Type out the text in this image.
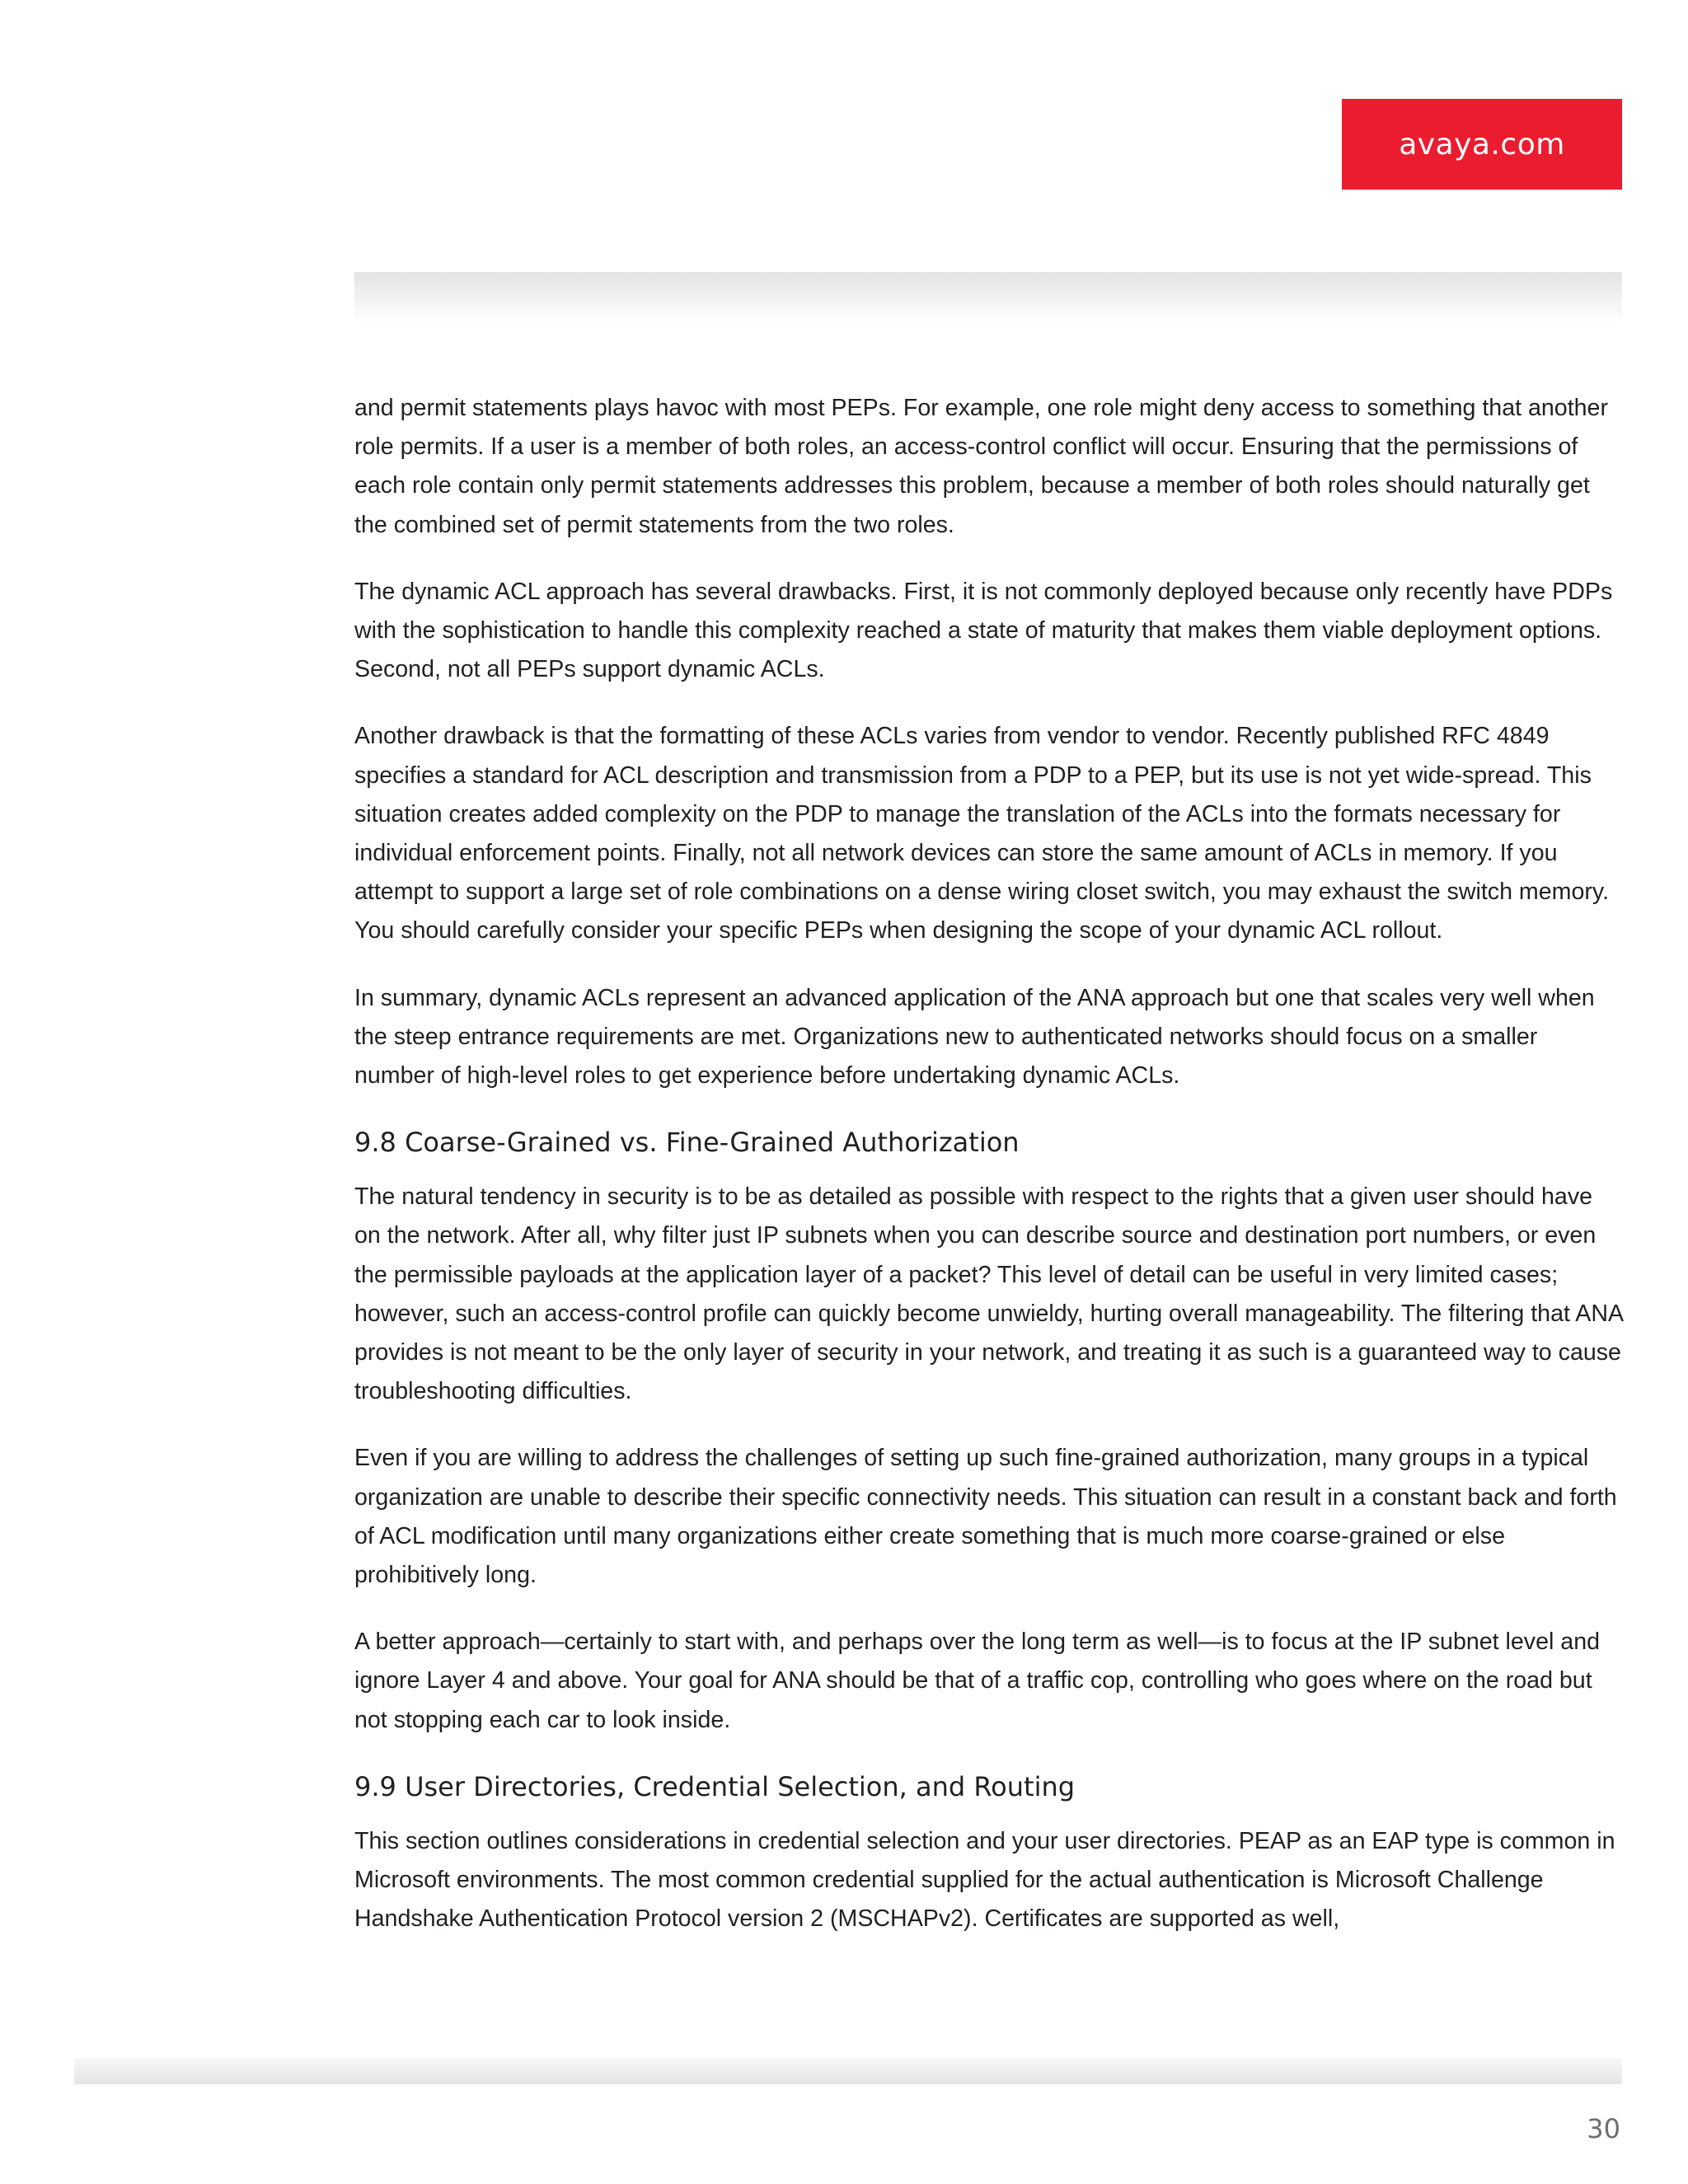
avaya.com

and permit statements plays havoc with most PEPs. For example, one role might deny access to something that another role permits. If a user is a member of both roles, an access-control conflict will occur. Ensuring that the permissions of each role contain only permit statements addresses this problem, because a member of both roles should naturally get the combined set of permit statements from the two roles.

The dynamic ACL approach has several drawbacks. First, it is not commonly deployed because only recently have PDPs with the sophistication to handle this complexity reached a state of maturity that makes them viable deployment options. Second, not all PEPs support dynamic ACLs.

Another drawback is that the formatting of these ACLs varies from vendor to vendor. Recently published RFC 4849 specifies a standard for ACL description and transmission from a PDP to a PEP, but its use is not yet wide-spread. This situation creates added complexity on the PDP to manage the translation of the ACLs into the formats necessary for individual enforcement points. Finally, not all network devices can store the same amount of ACLs in memory. If you attempt to support a large set of role combinations on a dense wiring closet switch, you may exhaust the switch memory. You should carefully consider your specific PEPs when designing the scope of your dynamic ACL rollout.

In summary, dynamic ACLs represent an advanced application of the ANA approach but one that scales very well when the steep entrance requirements are met. Organizations new to authenticated networks should focus on a smaller number of high-level roles to get experience before undertaking dynamic ACLs.

9.8 Coarse-Grained vs. Fine-Grained Authorization

The natural tendency in security is to be as detailed as possible with respect to the rights that a given user should have on the network. After all, why filter just IP subnets when you can describe source and destination port numbers, or even the permissible payloads at the application layer of a packet? This level of detail can be useful in very limited cases; however, such an access-control profile can quickly become unwieldy, hurting overall manageability. The filtering that ANA provides is not meant to be the only layer of security in your network, and treating it as such is a guaranteed way to cause troubleshooting difficulties.

Even if you are willing to address the challenges of setting up such fine-grained authorization, many groups in a typical organization are unable to describe their specific connectivity needs. This situation can result in a constant back and forth of ACL modification until many organizations either create something that is much more coarse-grained or else prohibitively long.

A better approach—certainly to start with, and perhaps over the long term as well—is to focus at the IP subnet level and ignore Layer 4 and above. Your goal for ANA should be that of a traffic cop, controlling who goes where on the road but not stopping each car to look inside.

9.9 User Directories, Credential Selection, and Routing

This section outlines considerations in credential selection and your user directories. PEAP as an EAP type is common in Microsoft environments. The most common credential supplied for the actual authentication is Microsoft Challenge Handshake Authentication Protocol version 2 (MSCHAPv2). Certificates are supported as well,

30
